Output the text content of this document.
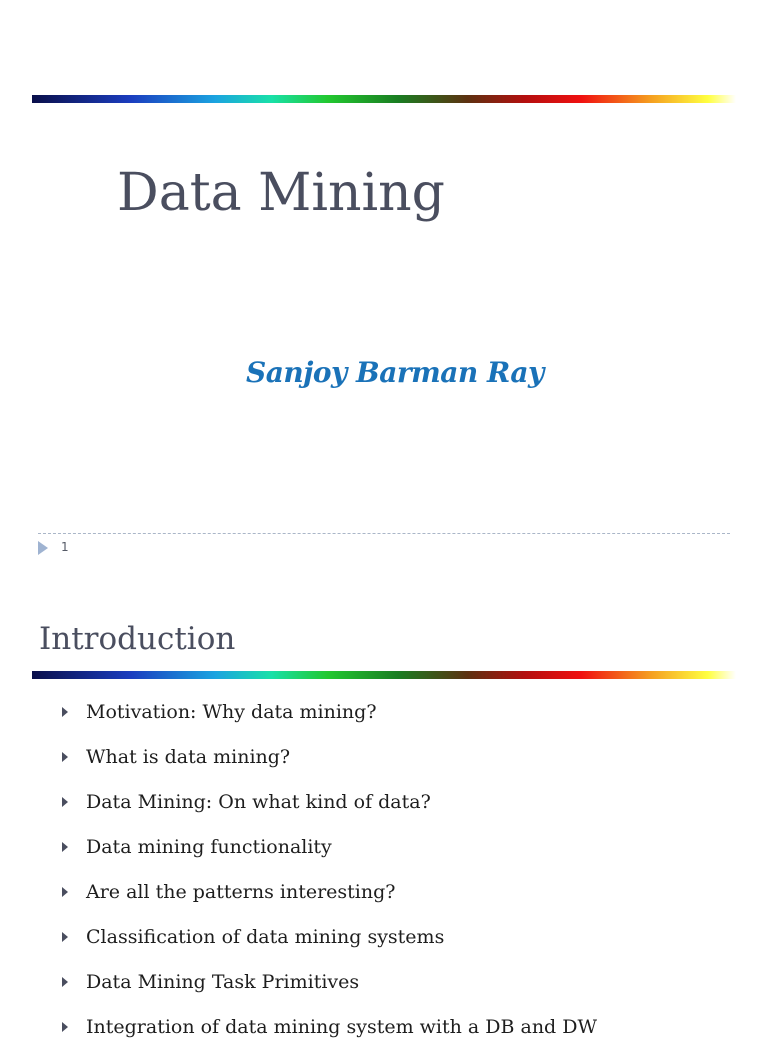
Data Mining
Sanjoy Barman Ray
1
Introduction
Motivation: Why data mining?
What is data mining?
Data Mining: On what kind of data?
Data mining functionality
Are all the patterns interesting?
Classification of data mining systems
Data Mining Task Primitives
Integration of data mining system with a DB and DW
